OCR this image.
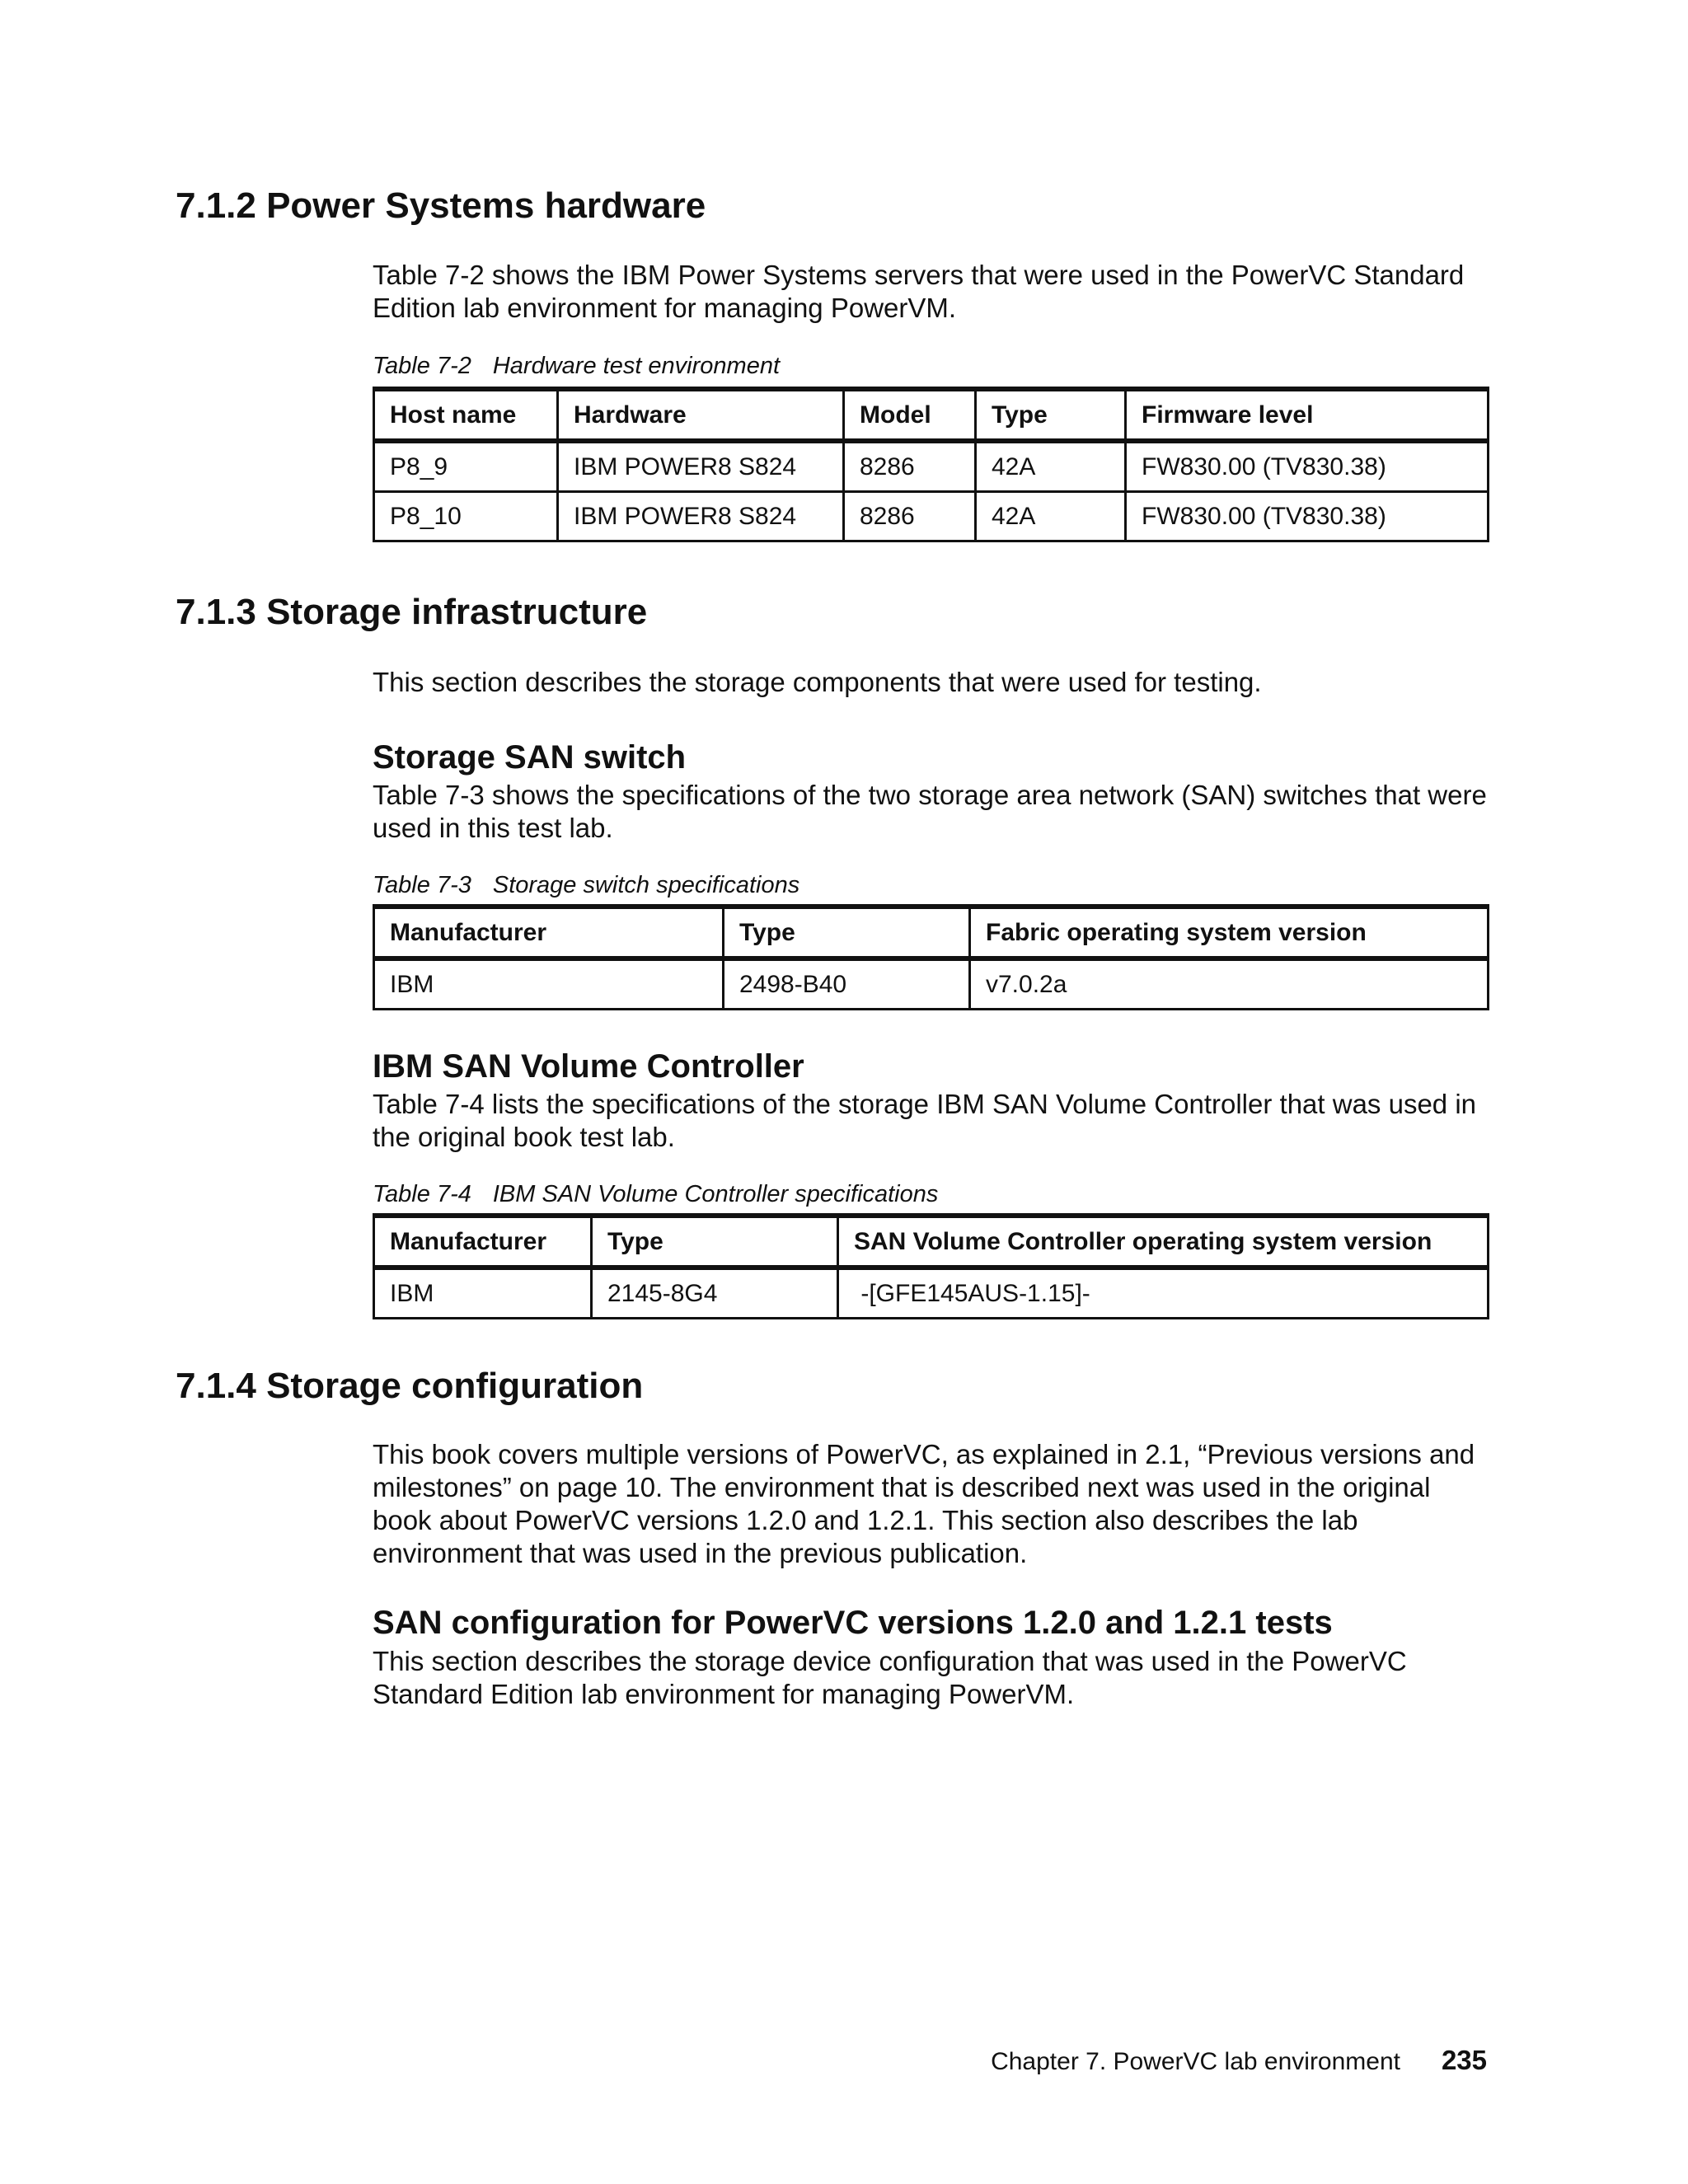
7.1.2 Power Systems hardware
Table 7-2 shows the IBM Power Systems servers that were used in the PowerVC Standard Edition lab environment for managing PowerVM.
Table 7-2 Hardware test environment
Host name	Hardware	Model	Type	Firmware level
P8_9	IBM POWER8 S824	8286	42A	FW830.00 (TV830.38)
P8_10	IBM POWER8 S824	8286	42A	FW830.00 (TV830.38)
7.1.3 Storage infrastructure
This section describes the storage components that were used for testing.
Storage SAN switch
Table 7-3 shows the specifications of the two storage area network (SAN) switches that were used in this test lab.
Table 7-3 Storage switch specifications
Manufacturer	Type	Fabric operating system version
IBM	2498-B40	v7.0.2a
IBM SAN Volume Controller
Table 7-4 lists the specifications of the storage IBM SAN Volume Controller that was used in the original book test lab.
Table 7-4 IBM SAN Volume Controller specifications
Manufacturer	Type	SAN Volume Controller operating system version
IBM	2145-8G4	-[GFE145AUS-1.15]-
7.1.4 Storage configuration
This book covers multiple versions of PowerVC, as explained in 2.1, “Previous versions and milestones” on page 10. The environment that is described next was used in the original book about PowerVC versions 1.2.0 and 1.2.1. This section also describes the lab environment that was used in the previous publication.
SAN configuration for PowerVC versions 1.2.0 and 1.2.1 tests
This section describes the storage device configuration that was used in the PowerVC Standard Edition lab environment for managing PowerVM.
Chapter 7. PowerVC lab environment 235
